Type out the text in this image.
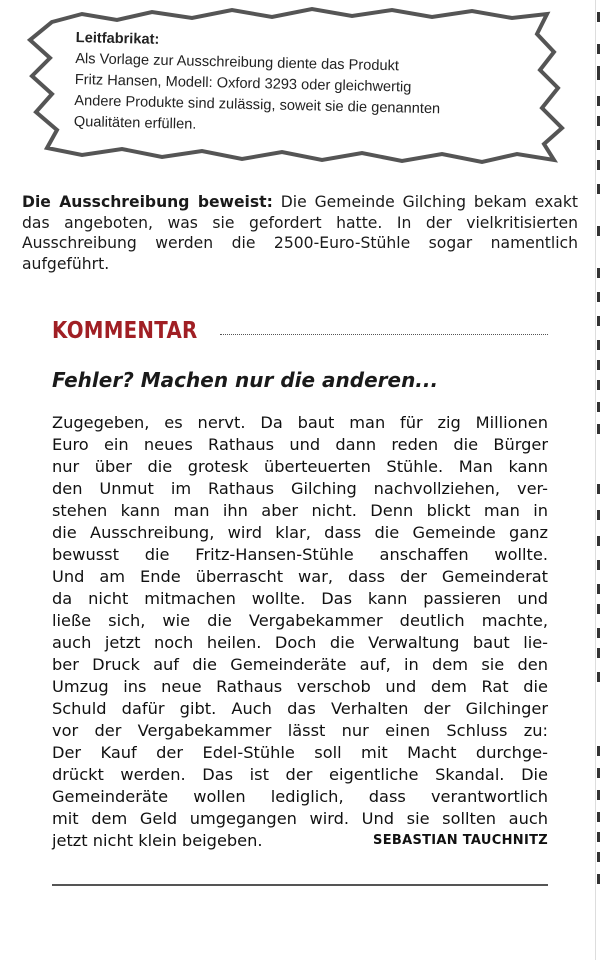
Leitfabrikat:
Als Vorlage zur Ausschreibung diente das Produkt
Fritz Hansen, Modell: Oxford 3293 oder gleichwertig
Andere Produkte sind zulässig, soweit sie die genannten
Qualitäten erfüllen.
Die Ausschreibung beweist: Die Gemeinde Gilching bekam exakt das angeboten, was sie gefordert hatte. In der vielkritisierten Ausschreibung werden die 2500-Euro-Stühle sogar namentlich aufgeführt.
KOMMENTAR
Fehler? Machen nur die anderen...
Zugegeben, es nervt. Da baut man für zig Millionen
Euro ein neues Rathaus und dann reden die Bürger
nur über die grotesk überteuerten Stühle. Man kann
den Unmut im Rathaus Gilching nachvollziehen, ver-
stehen kann man ihn aber nicht. Denn blickt man in
die Ausschreibung, wird klar, dass die Gemeinde ganz
bewusst die Fritz-Hansen-Stühle anschaffen wollte.
Und am Ende überrascht war, dass der Gemeinderat
da nicht mitmachen wollte. Das kann passieren und
ließe sich, wie die Vergabekammer deutlich machte,
auch jetzt noch heilen. Doch die Verwaltung baut lie-
ber Druck auf die Gemeinderäte auf, in dem sie den
Umzug ins neue Rathaus verschob und dem Rat die
Schuld dafür gibt. Auch das Verhalten der Gilchinger
vor der Vergabekammer lässt nur einen Schluss zu:
Der Kauf der Edel-Stühle soll mit Macht durchge-
drückt werden. Das ist der eigentliche Skandal. Die
Gemeinderäte wollen lediglich, dass verantwortlich
mit dem Geld umgegangen wird. Und sie sollten auch
jetzt nicht klein beigeben.	SEBASTIAN TAUCHNITZ
